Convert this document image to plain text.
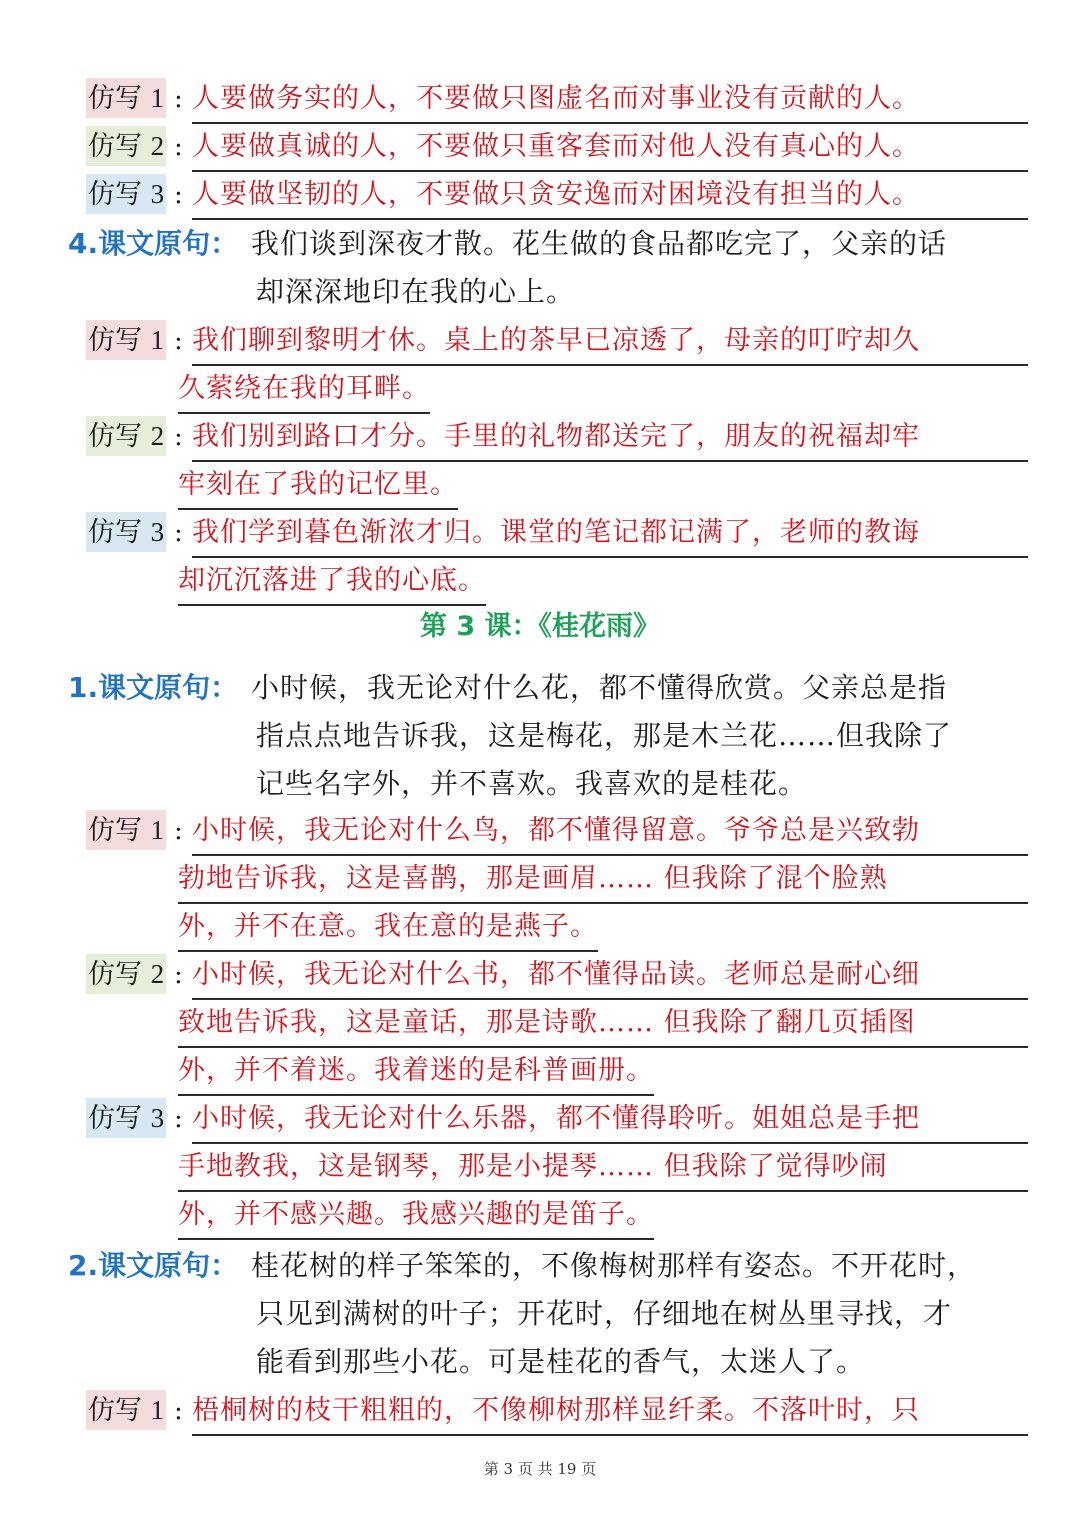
仿写 1 : 人要做务实的人，不要做只图虚名而对事业没有贡献的人。
仿写 2 : 人要做真诚的人，不要做只重客套而对他人没有真心的人。
仿写 3 : 人要做坚韧的人，不要做只贪安逸而对困境没有担当的人。
4.课文原句： 我们谈到深夜才散。花生做的食品都吃完了，父亲的话
却深深地印在我的心上。
仿写 1 : 我们聊到黎明才休。桌上的茶早已凉透了，母亲的叮咛却久
久萦绕在我的耳畔。
仿写 2 : 我们别到路口才分。手里的礼物都送完了，朋友的祝福却牢
牢刻在了我的记忆里。
仿写 3 : 我们学到暮色渐浓才归。课堂的笔记都记满了，老师的教诲
却沉沉落进了我的心底。
第 3 课：《桂花雨》
1.课文原句： 小时候，我无论对什么花，都不懂得欣赏。父亲总是指
指点点地告诉我，这是梅花，那是木兰花……但我除了
记些名字外，并不喜欢。我喜欢的是桂花。
仿写 1 : 小时候，我无论对什么鸟，都不懂得留意。爷爷总是兴致勃
勃地告诉我，这是喜鹊，那是画眉…… 但我除了混个脸熟
外，并不在意。我在意的是燕子。
仿写 2 : 小时候，我无论对什么书，都不懂得品读。老师总是耐心细
致地告诉我，这是童话，那是诗歌…… 但我除了翻几页插图
外，并不着迷。我着迷的是科普画册。
仿写 3 : 小时候，我无论对什么乐器，都不懂得聆听。姐姐总是手把
手地教我，这是钢琴，那是小提琴…… 但我除了觉得吵闹
外，并不感兴趣。我感兴趣的是笛子。
2.课文原句： 桂花树的样子笨笨的，不像梅树那样有姿态。不开花时，
只见到满树的叶子；开花时，仔细地在树丛里寻找，才
能看到那些小花。可是桂花的香气，太迷人了。
仿写 1 : 梧桐树的枝干粗粗的，不像柳树那样显纤柔。不落叶时，只
第 3 页 共 19 页
